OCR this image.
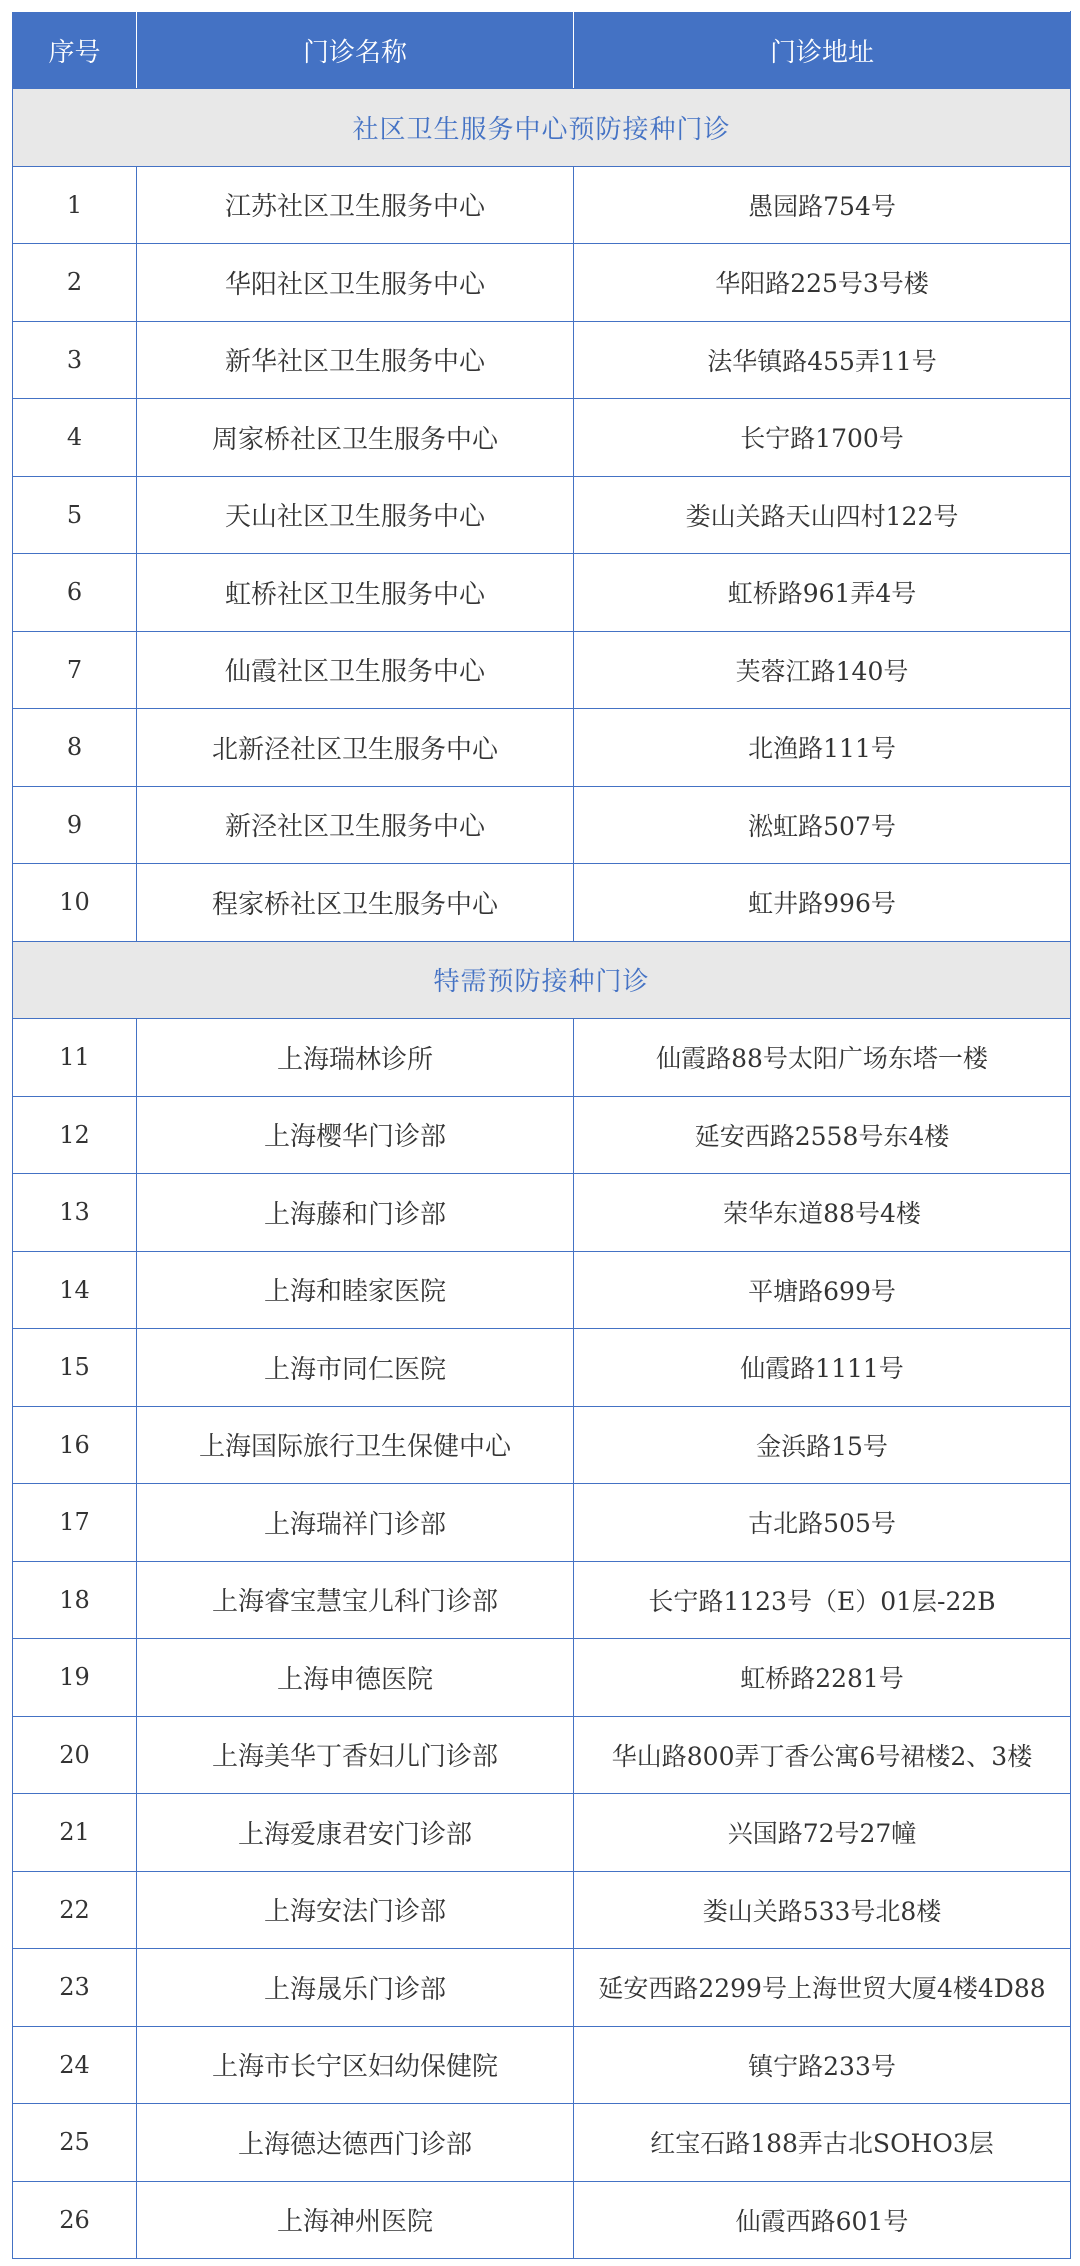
序号	门诊名称	门诊地址
社区卫生服务中心预防接种门诊		
1	江苏社区卫生服务中心	愚园路754号
2	华阳社区卫生服务中心	华阳路225号3号楼
3	新华社区卫生服务中心	法华镇路455弄11号
4	周家桥社区卫生服务中心	长宁路1700号
5	天山社区卫生服务中心	娄山关路天山四村122号
6	虹桥社区卫生服务中心	虹桥路961弄4号
7	仙霞社区卫生服务中心	芙蓉江路140号
8	北新泾社区卫生服务中心	北渔路111号
9	新泾社区卫生服务中心	淞虹路507号
10	程家桥社区卫生服务中心	虹井路996号
特需预防接种门诊		
11	上海瑞林诊所	仙霞路88号太阳广场东塔一楼
12	上海樱华门诊部	延安西路2558号东4楼
13	上海藤和门诊部	荣华东道88号4楼
14	上海和睦家医院	平塘路699号
15	上海市同仁医院	仙霞路1111号
16	上海国际旅行卫生保健中心	金浜路15号
17	上海瑞祥门诊部	古北路505号
18	上海睿宝慧宝儿科门诊部	长宁路1123号（E）01层-22B
19	上海申德医院	虹桥路2281号
20	上海美华丁香妇儿门诊部	华山路800弄丁香公寓6号裙楼2、3楼
21	上海爱康君安门诊部	兴国路72号27幢
22	上海安法门诊部	娄山关路533号北8楼
23	上海晟乐门诊部	延安西路2299号上海世贸大厦4楼4D88
24	上海市长宁区妇幼保健院	镇宁路233号
25	上海德达德西门诊部	红宝石路188弄古北SOHO3层
26	上海神州医院	仙霞西路601号
